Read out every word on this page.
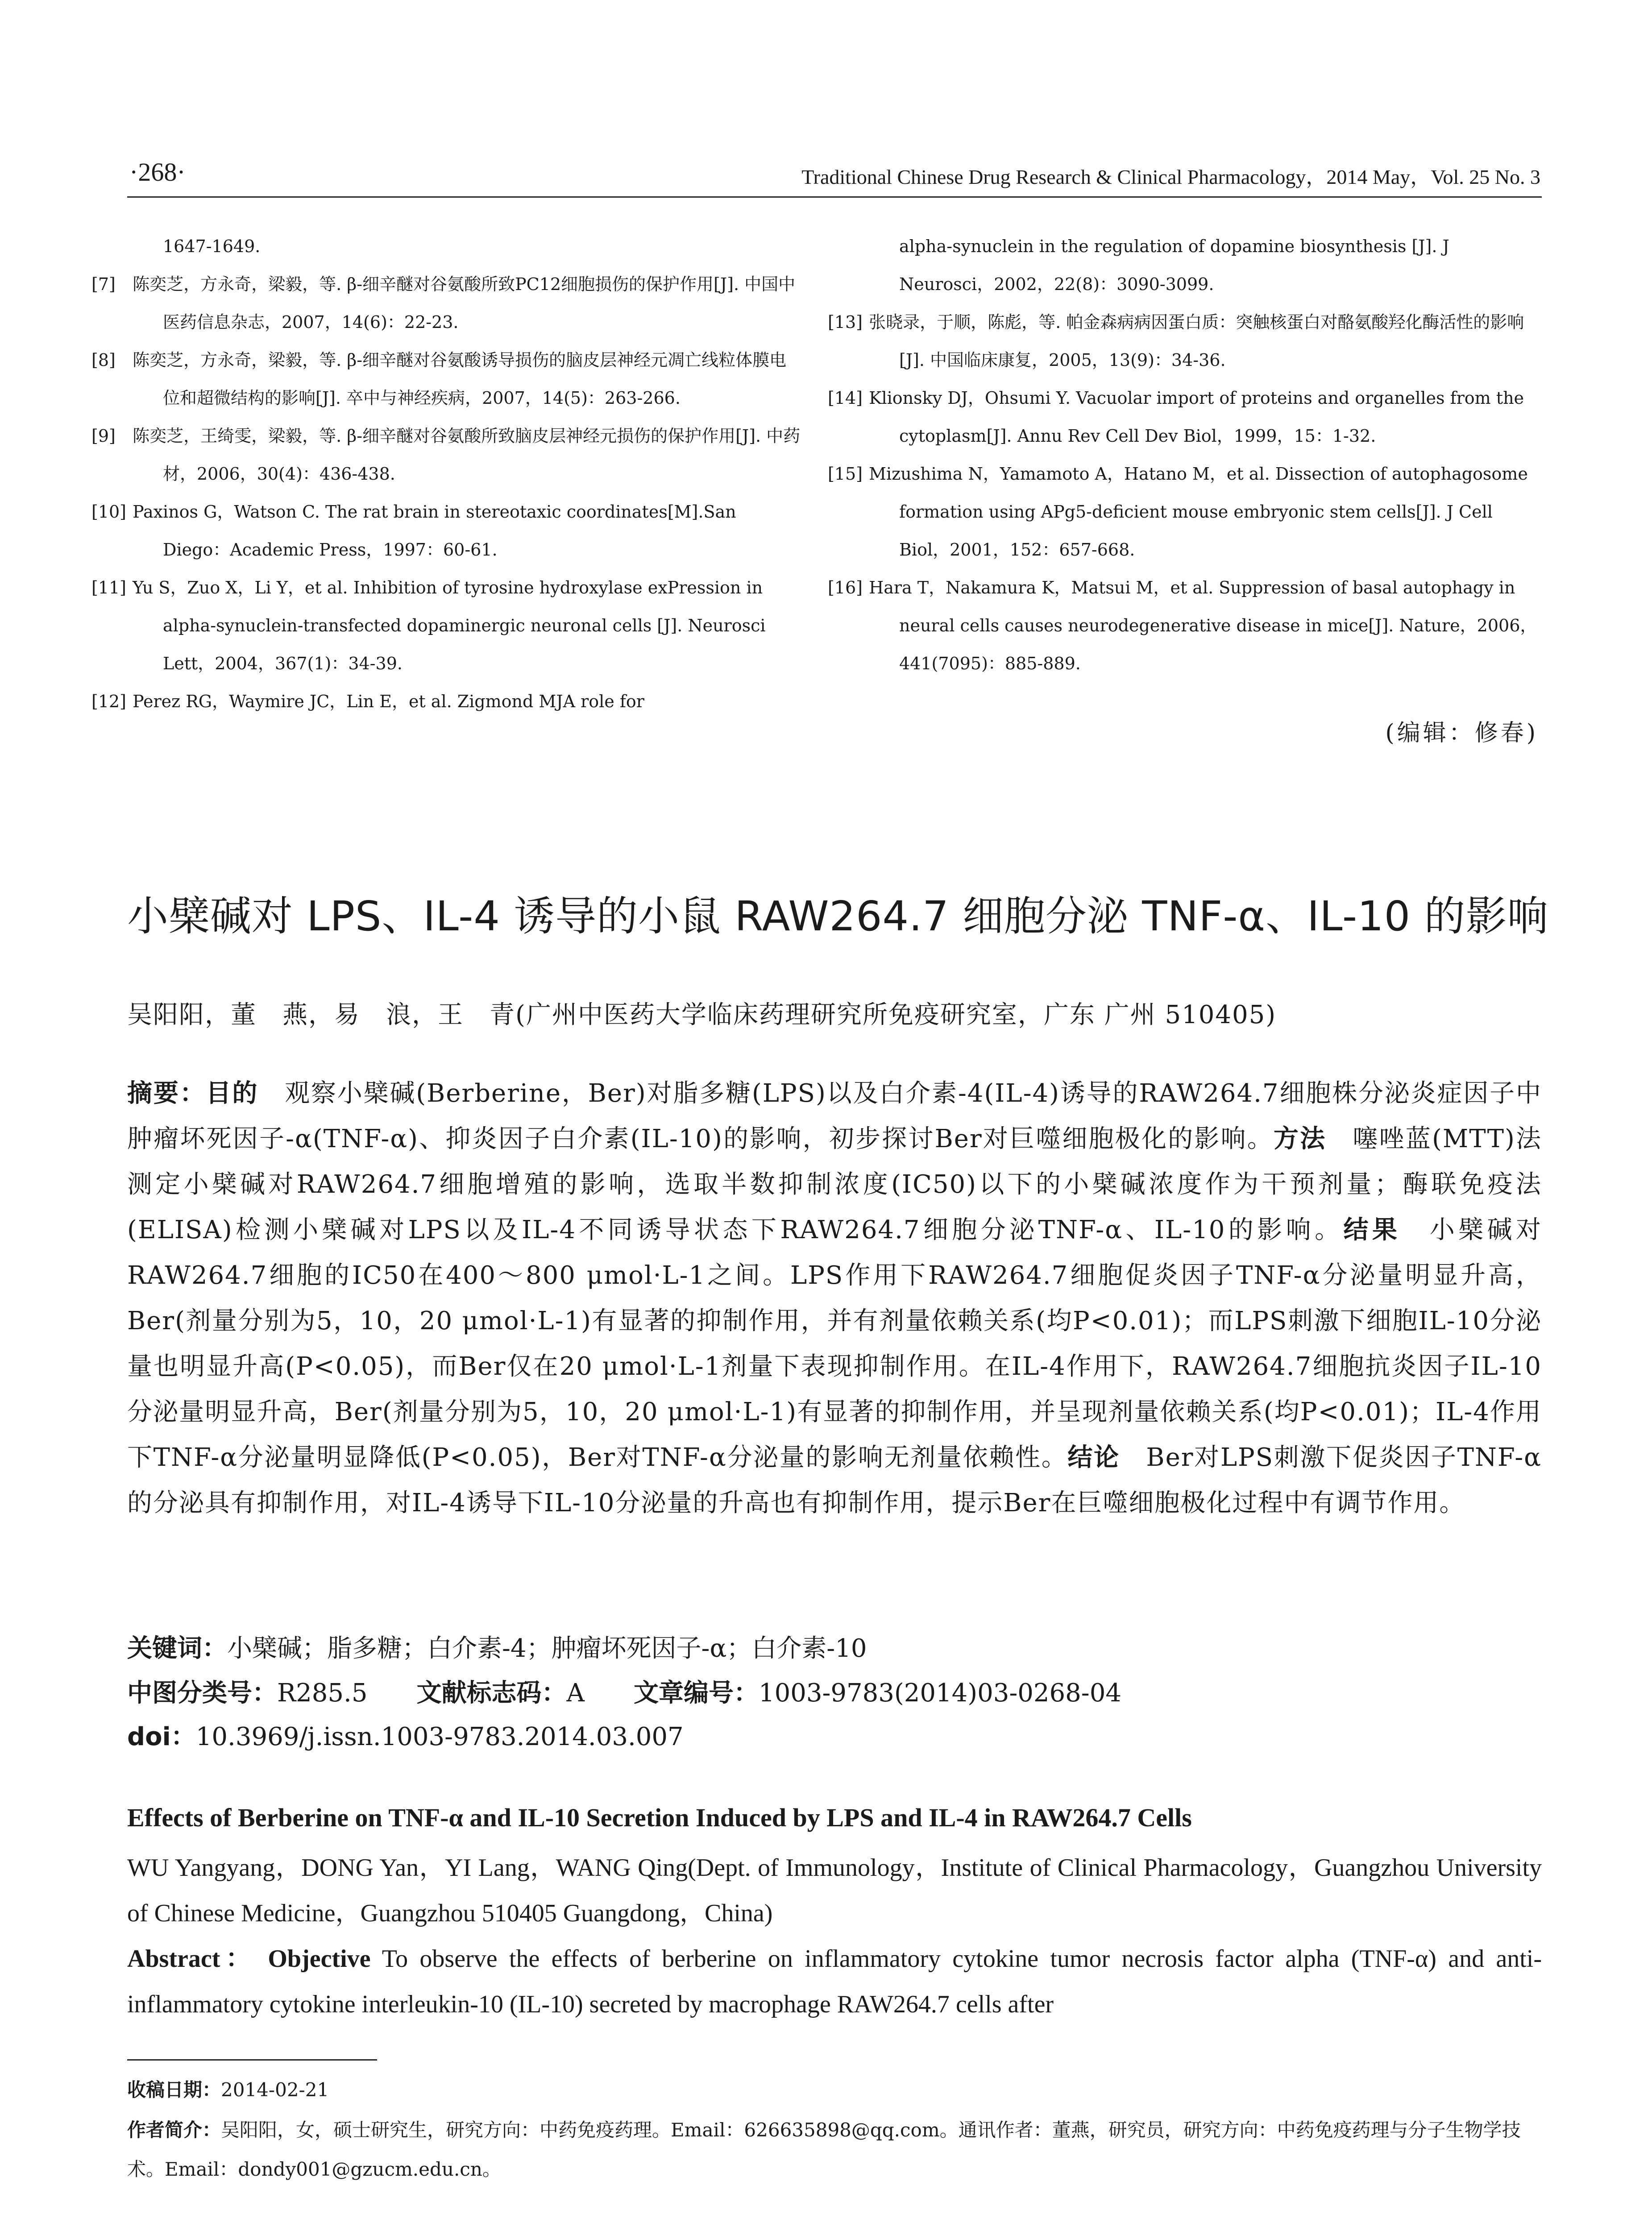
·268·	Traditional Chinese Drug Research & Clinical Pharmacology，2014 May，Vol. 25 No. 3
1647-1649.
[7] 陈奕芝，方永奇，梁毅，等. β-细辛醚对谷氨酸所致PC12细胞损伤的保护作用[J]. 中国中医药信息杂志，2007，14(6)：22-23.
[8] 陈奕芝，方永奇，梁毅，等. β-细辛醚对谷氨酸诱导损伤的脑皮层神经元凋亡线粒体膜电位和超微结构的影响[J]. 卒中与神经疾病，2007，14(5)：263-266.
[9] 陈奕芝，王绮雯，梁毅，等. β-细辛醚对谷氨酸所致脑皮层神经元损伤的保护作用[J]. 中药材，2006，30(4)：436-438.
[10] Paxinos G，Watson C. The rat brain in stereotaxic coordinates[M].San Diego：Academic Press，1997：60-61.
[11] Yu S，Zuo X，Li Y，et al. Inhibition of tyrosine hydroxylase exPression in alpha-synuclein-transfected dopaminergic neuronal cells [J]. Neurosci Lett，2004，367(1)：34-39.
[12] Perez RG，Waymire JC，Lin E，et al. Zigmond MJA role for
alpha-synuclein in the regulation of dopamine biosynthesis [J]. J Neurosci，2002，22(8)：3090-3099.
[13] 张晓录，于顺，陈彪，等. 帕金森病病因蛋白质：突触核蛋白对酪氨酸羟化酶活性的影响[J]. 中国临床康复，2005，13(9)：34-36.
[14] Klionsky DJ，Ohsumi Y. Vacuolar import of proteins and organelles from the cytoplasm[J]. Annu Rev Cell Dev Biol，1999，15：1-32.
[15] Mizushima N，Yamamoto A，Hatano M，et al. Dissection of autophagosome formation using APg5-deficient mouse embryonic stem cells[J]. J Cell Biol，2001，152：657-668.
[16] Hara T，Nakamura K，Matsui M，et al. Suppression of basal autophagy in neural cells causes neurodegenerative disease in mice[J]. Nature，2006，441(7095)：885-889.
(编辑：修春)
小檗碱对 LPS、IL-4 诱导的小鼠 RAW264.7 细胞分泌 TNF-α、IL-10 的影响
吴阳阳，董　燕，易　浪，王　青(广州中医药大学临床药理研究所免疫研究室，广东 广州 510405)
摘要：目的　观察小檗碱(Berberine，Ber)对脂多糖(LPS)以及白介素-4(IL-4)诱导的RAW264.7细胞株分泌炎症因子中肿瘤坏死因子-α(TNF-α)、抑炎因子白介素(IL-10)的影响，初步探讨Ber对巨噬细胞极化的影响。方法　噻唑蓝(MTT)法测定小檗碱对RAW264.7细胞增殖的影响，选取半数抑制浓度(IC50)以下的小檗碱浓度作为干预剂量；酶联免疫法(ELISA)检测小檗碱对LPS以及IL-4不同诱导状态下RAW264.7细胞分泌TNF-α、IL-10的影响。结果　小檗碱对RAW264.7细胞的IC50在400～800 μmol·L-1之间。LPS作用下RAW264.7细胞促炎因子TNF-α分泌量明显升高，Ber(剂量分别为5，10，20 μmol·L-1)有显著的抑制作用，并有剂量依赖关系(均P<0.01)；而LPS刺激下细胞IL-10分泌量也明显升高(P<0.05)，而Ber仅在20 μmol·L-1剂量下表现抑制作用。在IL-4作用下，RAW264.7细胞抗炎因子IL-10分泌量明显升高，Ber(剂量分别为5，10，20 μmol·L-1)有显著的抑制作用，并呈现剂量依赖关系(均P<0.01)；IL-4作用下TNF-α分泌量明显降低(P<0.05)，Ber对TNF-α分泌量的影响无剂量依赖性。结论　Ber对LPS刺激下促炎因子TNF-α的分泌具有抑制作用，对IL-4诱导下IL-10分泌量的升高也有抑制作用，提示Ber在巨噬细胞极化过程中有调节作用。
关键词：小檗碱；脂多糖；白介素-4；肿瘤坏死因子-α；白介素-10
中图分类号：R285.5 文献标志码：A 文章编号：1003-9783(2014)03-0268-04
doi：10.3969/j.issn.1003-9783.2014.03.007
Effects of Berberine on TNF-α and IL-10 Secretion Induced by LPS and IL-4 in RAW264.7 Cells
WU Yangyang，DONG Yan，YI Lang，WANG Qing(Dept. of Immunology，Institute of Clinical Pharmacology，Guangzhou University of Chinese Medicine，Guangzhou 510405 Guangdong，China)
Abstract： Objective To observe the effects of berberine on inflammatory cytokine tumor necrosis factor alpha (TNF-α) and anti-inflammatory cytokine interleukin-10 (IL-10) secreted by macrophage RAW264.7 cells after
收稿日期：2014-02-21
作者简介：吴阳阳，女，硕士研究生，研究方向：中药免疫药理。Email：626635898@qq.com。通讯作者：董燕，研究员，研究方向：中药免疫药理与分子生物学技术。Email：dondy001@gzucm.edu.cn。
